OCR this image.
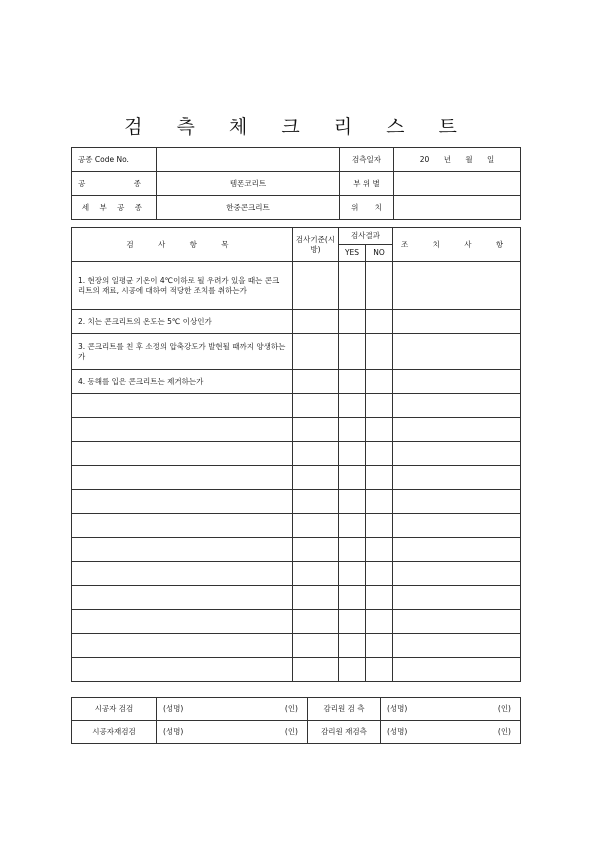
검 측 체 크 리 스 트
공종 Code No.		검측일자	20 년 월 일
공 종	템폰코리트	부 위 별	
세 부 공 종	한중콘크리트	위 치	
검 사 항 목	검사기준(시방)	검사결과		조 치 사 항
		YES	NO	
1. 현장의 일평균 기온이 4℃이하로 될 우려가 있을 때는 콘크리트의 재료, 시공에 대하여 적당한 조치를 취하는가				
2. 치는 콘크리트의 온도는 5℃ 이상인가				
3. 콘크리트를 친 후 소정의 압축강도가 발현될 때까지 양생하는가				
4. 동해를 입은 콘크리트는 제거하는가				

시공자 검검	(성명) (인)	감리원 검 측	(성명) (인)

시공자재검검	(성명) (인)	감리원 재검측	(성명) (인)
